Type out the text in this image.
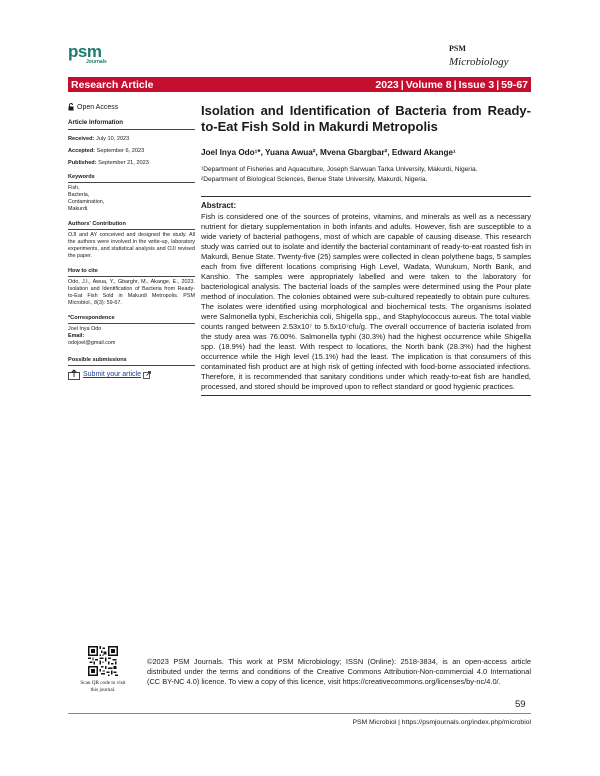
psm
Journals
PSM
Microbiology
Research Article	2023 | Volume 8 | Issue 3 | 59-67
Open Access
Article Information
Received: July 10, 2023
Accepted: September 6, 2023
Published: September 21, 2023
Keywords
Fish,
Bacteria,
Contamination,
Makurdi.
Authors' Contribution
OJI and AY conceived and designed the study. All the authors were involved in the write-up, laboratory experiments, and statistical analysis and OJI revised the paper.
How to cite
Odo, J.I., Awua, Y., Gbarghr, M., Akange, E., 2023. Isolation and Identification of Bacteria from Ready-to-Eat Fish Sold in Makurdi Metropolis. PSM Microbiol., 8(3): 59-67.
*Correspondence
Joel Inya Odo
Email:
odojoel@gmail.com
Possible submissions
Submit your article
Isolation and Identification of Bacteria from Ready-to-Eat Fish Sold in Makurdi Metropolis
Joel Inya Odo¹*, Yuana Awua², Mvena Gbargbar², Edward Akange¹

¹Department of Fisheries and Aquaculture, Joseph Sarwuan Tarka University, Makurdi, Nigeria.

²Department of Biological Sciences, Benue State University, Makurdi, Nigeria.

Abstract:

Fish is considered one of the sources of proteins, vitamins, and minerals as well as a necessary nutrient for dietary supplementation in both infants and adults. However, fish are susceptible to a wide variety of bacterial pathogens, most of which are capable of causing disease. This research study was carried out to isolate and identify the bacterial contaminant of ready-to-eat roasted fish in Makurdi, Benue State. Twenty-five (25) samples were collected in clean polythene bags, 5 samples each from five different locations comprising High Level, Wadata, Wurukum, North Bank, and Kanshio. The samples were appropriately labelled and were taken to the laboratory for bacteriological analysis. The bacterial loads of the samples were determined using the Pour plate method of inoculation. The colonies obtained were sub-cultured repeatedly to obtain pure cultures. The isolates were identified using morphological and biochemical tests. The organisms isolated were Salmonella typhi, Escherichia coli, Shigella spp., and Staphylococcus aureus. The total viable counts ranged between 2.53x10⁷ to 5.5x10⁷cfu/g. The overall occurrence of bacteria isolated from the study area was 76.00%. Salmonella typhi (30.3%) had the highest occurrence while Shigella spp. (18.9%) had the least. With respect to locations, the North bank (28.3%) had the highest occurrence while the High level (15.1%) had the least. The implication is that consumers of this contaminated fish product are at high risk of getting infected with food-borne associated infections. Therefore, it is recommended that sanitary conditions under which ready-to-eat fish are handled, processed, and stored should be improved upon to reflect standard or good hygienic practices.

Scan QR code to visit this journal.
©2023 PSM Journals. This work at PSM Microbiology; ISSN (Online): 2518-3834, is an open-access article distributed under the terms and conditions of the Creative Commons Attribution-Non-commercial 4.0 International (CC BY-NC 4.0) licence. To view a copy of this licence, visit https://creativecommons.org/licenses/by-nc/4.0/.
59
PSM Microbiol | https://psmjournals.org/index.php/microbiol
